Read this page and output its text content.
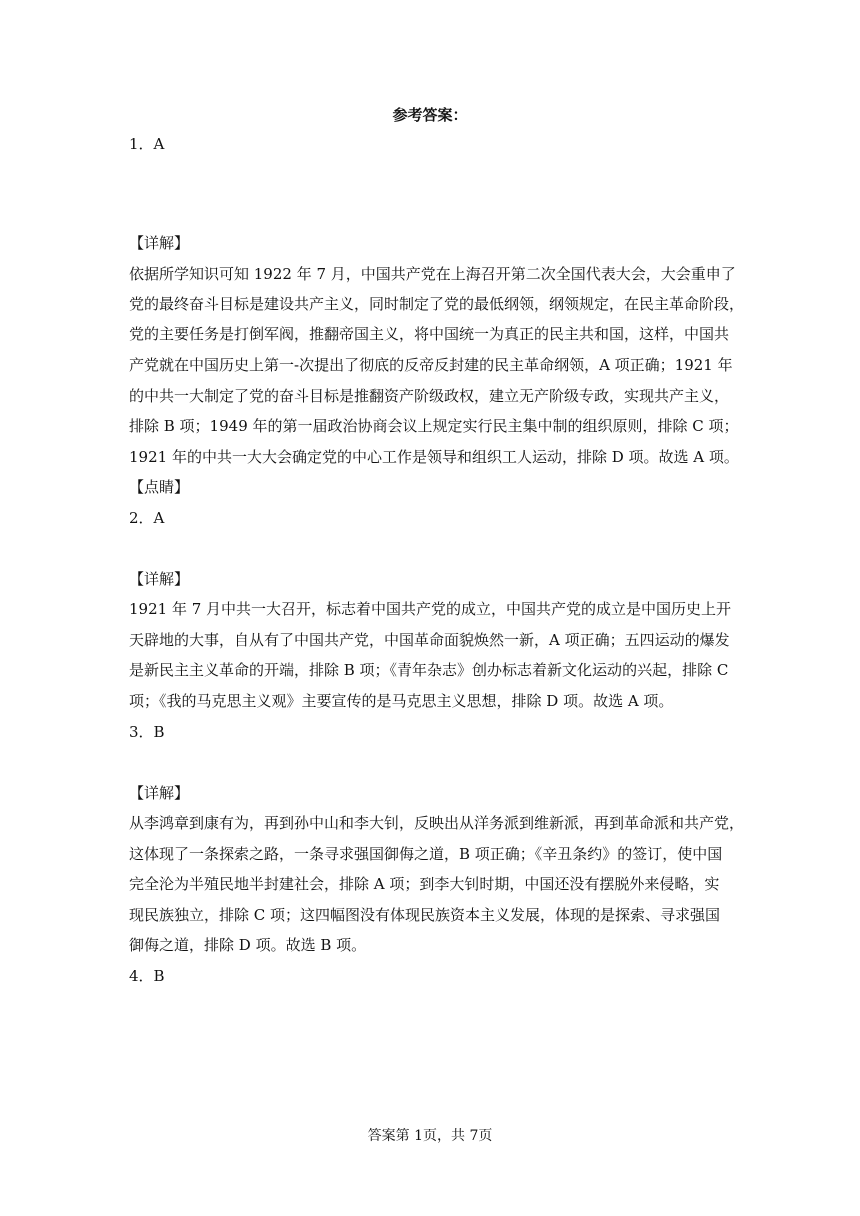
参考答案：
1．A
【详解】
依据所学知识可知 1922 年 7 月，中国共产党在上海召开第二次全国代表大会，大会重申了
党的最终奋斗目标是建设共产主义，同时制定了党的最低纲领，纲领规定，在民主革命阶段，
党的主要任务是打倒军阀，推翻帝国主义，将中国统一为真正的民主共和国，这样，中国共
产党就在中国历史上第一-次提出了彻底的反帝反封建的民主革命纲领，A 项正确；1921 年
的中共一大制定了党的奋斗目标是推翻资产阶级政权，建立无产阶级专政，实现共产主义，
排除 B 项；1949 年的第一届政治协商会议上规定实行民主集中制的组织原则，排除 C 项；
1921 年的中共一大大会确定党的中心工作是领导和组织工人运动，排除 D 项。故选 A 项。
【点睛】
2．A
【详解】
1921 年 7 月中共一大召开，标志着中国共产党的成立，中国共产党的成立是中国历史上开
天辟地的大事，自从有了中国共产党，中国革命面貌焕然一新，A 项正确；五四运动的爆发
是新民主主义革命的开端，排除 B 项；《青年杂志》创办标志着新文化运动的兴起，排除 C
项；《我的马克思主义观》主要宣传的是马克思主义思想，排除 D 项。故选 A 项。
3．B
【详解】
从李鸿章到康有为，再到孙中山和李大钊，反映出从洋务派到维新派，再到革命派和共产党，
这体现了一条探索之路，一条寻求强国御侮之道，B 项正确；《辛丑条约》的签订，使中国
完全沦为半殖民地半封建社会，排除 A 项；到李大钊时期，中国还没有摆脱外来侵略，实
现民族独立，排除 C 项；这四幅图没有体现民族资本主义发展，体现的是探索、寻求强国
御侮之道，排除 D 项。故选 B 项。
4．B
答案第 1页，共 7页
